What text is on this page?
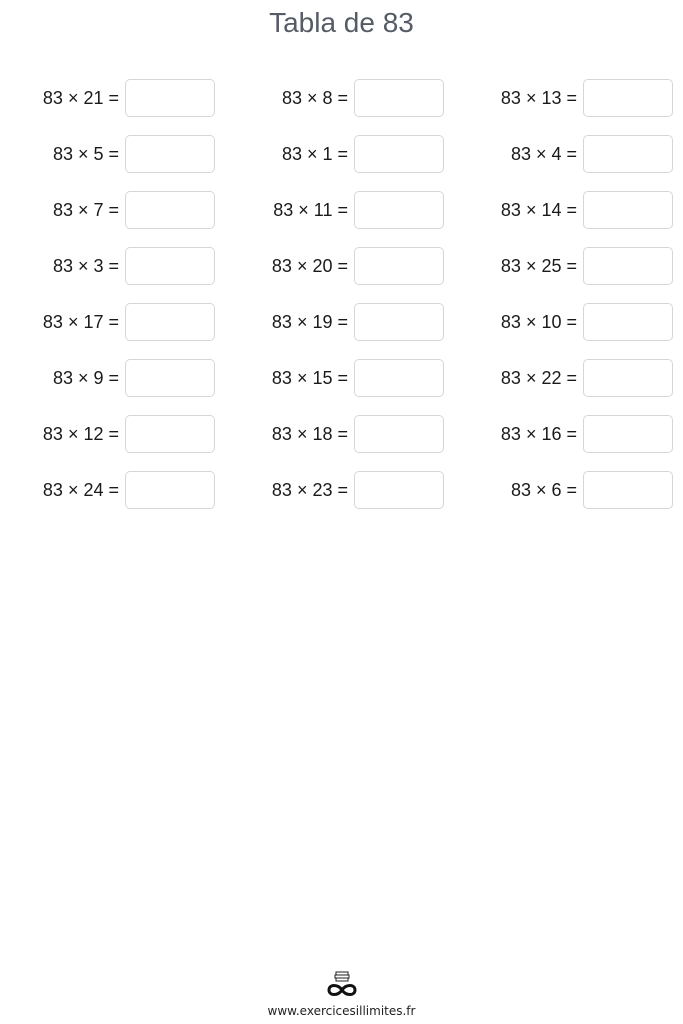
Tabla de 83
83 × 21 =	83 × 8 =	83 × 13 =
83 × 5 =	83 × 1 =	83 × 4 =
83 × 7 =	83 × 11 =	83 × 14 =
83 × 3 =	83 × 20 =	83 × 25 =
83 × 17 =	83 × 19 =	83 × 10 =
83 × 9 =	83 × 15 =	83 × 22 =
83 × 12 =	83 × 18 =	83 × 16 =
83 × 24 =	83 × 23 =	83 × 6 =
www.exercicesillimites.fr
